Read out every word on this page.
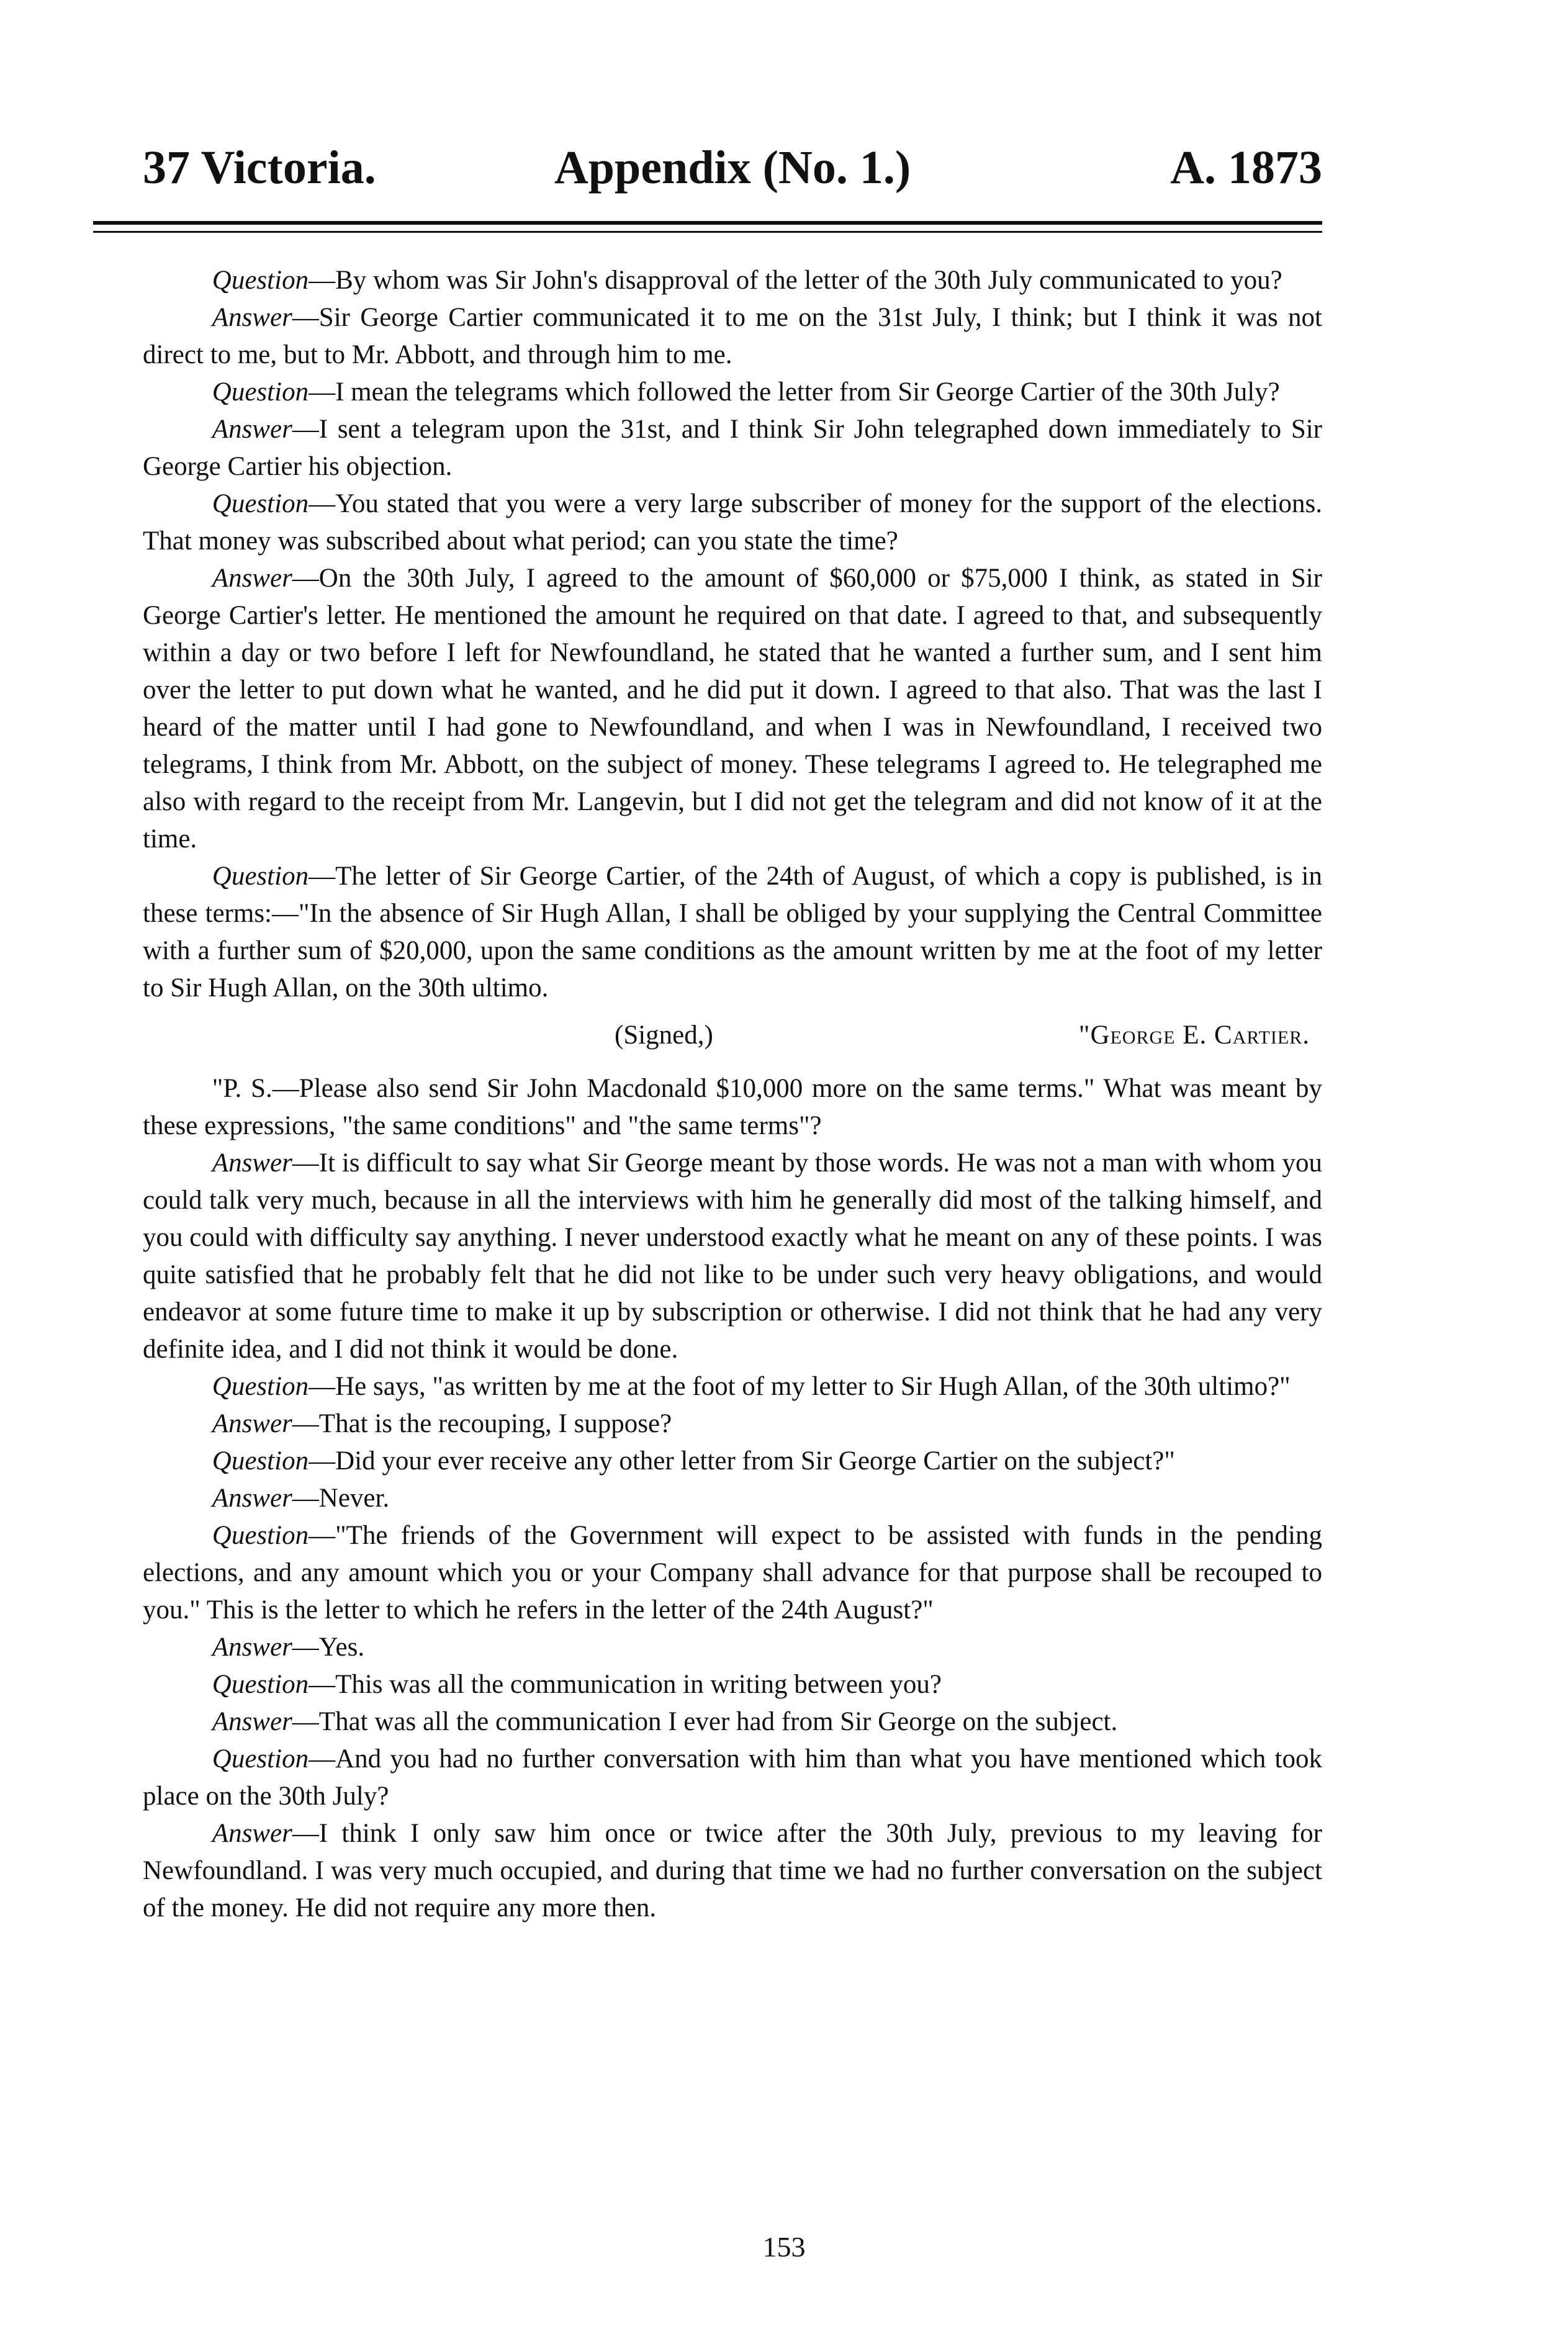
37 Victoria.	Appendix (No. 1.)	A. 1873

Question—By whom was Sir John's disapproval of the letter of the 30th July communicated to you?

Answer—Sir George Cartier communicated it to me on the 31st July, I think; but I think it was not direct to me, but to Mr. Abbott, and through him to me.

Question—I mean the telegrams which followed the letter from Sir George Cartier of the 30th July?

Answer—I sent a telegram upon the 31st, and I think Sir John telegraphed down immediately to Sir George Cartier his objection.

Question—You stated that you were a very large subscriber of money for the support of the elections. That money was subscribed about what period; can you state the time?

Answer—On the 30th July, I agreed to the amount of $60,000 or $75,000 I think, as stated in Sir George Cartier's letter. He mentioned the amount he required on that date. I agreed to that, and subsequently within a day or two before I left for Newfoundland, he stated that he wanted a further sum, and I sent him over the letter to put down what he wanted, and he did put it down. I agreed to that also. That was the last I heard of the matter until I had gone to Newfoundland, and when I was in Newfoundland, I received two telegrams, I think from Mr. Abbott, on the subject of money. These telegrams I agreed to. He telegraphed me also with regard to the receipt from Mr. Langevin, but I did not get the telegram and did not know of it at the time.

Question—The letter of Sir George Cartier, of the 24th of August, of which a copy is published, is in these terms:—"In the absence of Sir Hugh Allan, I shall be obliged by your supplying the Central Committee with a further sum of $20,000, upon the same conditions as the amount written by me at the foot of my letter to Sir Hugh Allan, on the 30th ultimo.

(Signed,)	"George E. Cartier.

"P. S.—Please also send Sir John Macdonald $10,000 more on the same terms." What was meant by these expressions, "the same conditions" and "the same terms"?

Answer—It is difficult to say what Sir George meant by those words. He was not a man with whom you could talk very much, because in all the interviews with him he generally did most of the talking himself, and you could with difficulty say anything. I never understood exactly what he meant on any of these points. I was quite satisfied that he probably felt that he did not like to be under such very heavy obligations, and would endeavor at some future time to make it up by subscription or otherwise. I did not think that he had any very definite idea, and I did not think it would be done.

Question—He says, "as written by me at the foot of my letter to Sir Hugh Allan, of the 30th ultimo?"

Answer—That is the recouping, I suppose?

Question—Did your ever receive any other letter from Sir George Cartier on the subject?"

Answer—Never.

Question—"The friends of the Government will expect to be assisted with funds in the pending elections, and any amount which you or your Company shall advance for that purpose shall be recouped to you." This is the letter to which he refers in the letter of the 24th August?"

Answer—Yes.

Question—This was all the communication in writing between you?

Answer—That was all the communication I ever had from Sir George on the subject.

Question—And you had no further conversation with him than what you have mentioned which took place on the 30th July?

Answer—I think I only saw him once or twice after the 30th July, previous to my leaving for Newfoundland. I was very much occupied, and during that time we had no further conversation on the subject of the money. He did not require any more then.

153
